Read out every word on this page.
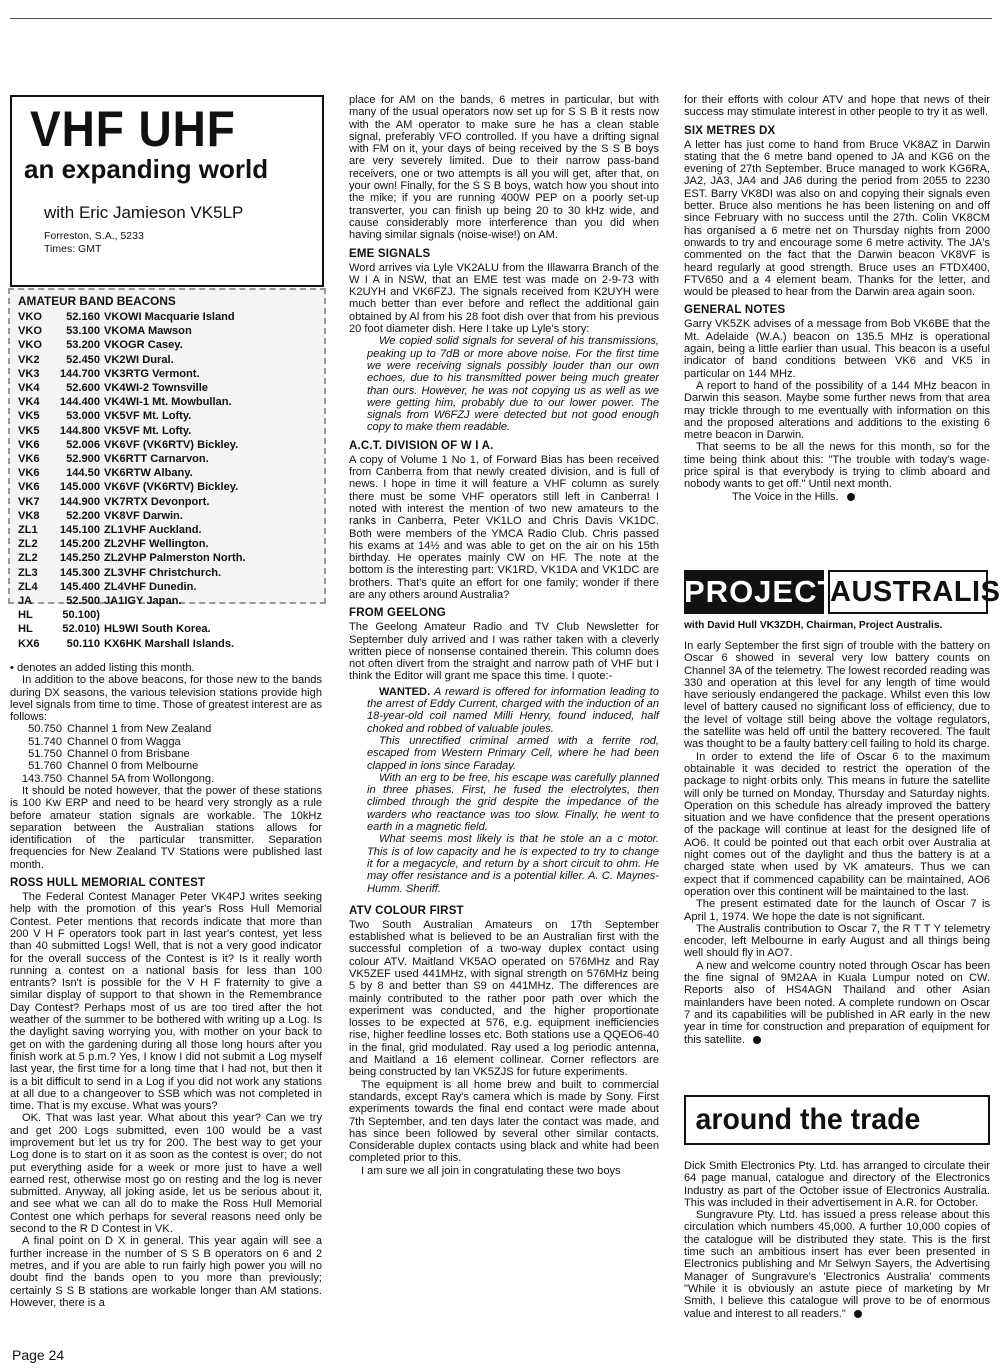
VHF UHF
an expanding world
with Eric Jamieson VK5LP
Forreston, S.A., 5233
Times: GMT
AMATEUR BAND BEACONS
VKO 52.160 VKOWI Macquarie Island
VKO 53.100 VKOMA Mawson
VKO 53.200 VKOGR Casey.
VK2 52.450 VK2WI Dural.
VK3 144.700 VK3RTG Vermont.
VK4 52.600 VK4WI-2 Townsville
VK4 144.400 VK4WI-1 Mt. Mowbullan.
VK5 53.000 VK5VF Mt. Lofty.
VK5 144.800 VK5VF Mt. Lofty.
VK6 52.006 VK6VF (VK6RTV) Bickley.
VK6 52.900 VK6RTT Carnarvon.
VK6 144.50 VK6RTW Albany.
VK6 145.000 VK6VF (VK6RTV) Bickley.
VK7 144.900 VK7RTX Devonport.
VK8 52.200 VK8VF Darwin.
ZL1 145.100 ZL1VHF Auckland.
ZL2 145.200 ZL2VHF Wellington.
ZL2 145.250 ZL2VHP Palmerston North.
ZL3 145.300 ZL3VHF Christchurch.
ZL4 145.400 ZL4VHF Dunedin.
JA	52.500 JA1IGY Japan.
HL	50.100)
HL	52.010) HL9WI South Korea.
KX6 50.110 KX6HK Marshall Islands.

• denotes an added listing this month.

In addition to the above beacons, for those new to the bands during DX seasons, the various television stations provide high level signals from time to time. Those of greatest interest are as follows:

50.750 Channel 1 from New Zealand
51.740 Channel 0 from Wagga
51.750 Channel 0 from Brisbane
51.760 Channel 0 from Melbourne
143.750 Channel 5A from Wollongong.

It should be noted however, that the power of these stations is 100 Kw ERP and need to be heard very strongly as a rule before amateur station signals are workable. The 10kHz separation between the Australian stations allows for identification of the particular transmitter. Separation frequencies for New Zealand TV Stations were published last month.

ROSS HULL MEMORIAL CONTEST

The Federal Contest Manager Peter VK4PJ writes seeking help with the promotion of this year's Ross Hull Memorial Contest. Peter mentions that records indicate that more than 200 V H F operators took part in last year's contest, yet less than 40 submitted Logs! Well, that is not a very good indicator for the overall success of the Contest is it? Is it really worth running a contest on a national basis for less than 100 entrants? Isn't is possible for the V H F fraternity to give a similar display of support to that shown in the Remembrance Day Contest? Perhaps most of us are too tired after the hot weather of the summer to be bothered with writing up a Log. Is the daylight saving worrying you, with mother on your back to get on with the gardening during all those long hours after you finish work at 5 p.m.? Yes, I know I did not submit a Log myself last year, the first time for a long time that I had not, but then it is a bit difficult to send in a Log if you did not work any stations at all due to a changeover to SSB which was not completed in time. That is my excuse. What was yours?

OK. That was last year. What about this year? Can we try and get 200 Logs submitted, even 100 would be a vast improvement but let us try for 200. The best way to get your Log done is to start on it as soon as the contest is over; do not put everything aside for a week or more just to have a well earned rest, otherwise most go on resting and the log is never submitted. Anyway, all joking aside, let us be serious about it, and see what we can all do to make the Ross Hull Memorial Contest one which perhaps for several reasons need only be second to the R D Contest in VK.

A final point on D X in general. This year again will see a further increase in the number of S S B operators on 6 and 2 metres, and if you are able to run fairly high power you will no doubt find the bands open to you more than previously; certainly S S B stations are workable longer than AM stations. However, there is a

place for AM on the bands, 6 metres in particular, but with many of the usual operators now set up for S S B it rests now with the AM operator to make sure he has a clean stable signal, preferably VFO controlled. If you have a drifting signal with FM on it, your days of being received by the S S B boys are very severely limited. Due to their narrow pass-band receivers, one or two attempts is all you will get, after that, on your own! Finally, for the S S B boys, watch how you shout into the mike; if you are running 400W PEP on a poorly set-up transverter, you can finish up being 20 to 30 kHz wide, and cause considerably more interference than you did when having similar signals (noise-wise!) on AM.

EME SIGNALS

Word arrives via Lyle VK2ALU from the Illawarra Branch of the W I A in NSW, that an EME test was made on 2-9-73 with K2UYH and VK6FZJ. The signals received from K2UYH were much better than ever before and reflect the additional gain obtained by Al from his 28 foot dish over that from his previous 20 foot diameter dish. Here I take up Lyle's story:

We copied solid signals for several of his transmissions, peaking up to 7dB or more above noise. For the first time we were receiving signals possibly louder than our own echoes, due to his transmitted power being much greater than ours. However, he was not copying us as well as we were getting him, probably due to our lower power. The signals from W6FZJ were detected but not good enough copy to make them readable.

A.C.T. DIVISION OF W I A.

A copy of Volume 1 No 1, of Forward Bias has been received from Canberra from that newly created division, and is full of news. I hope in time it will feature a VHF column as surely there must be some VHF operators still left in Canberra! I noted with interest the mention of two new amateurs to the ranks in Canberra, Peter VK1LO and Chris Davis VK1DC. Both were members of the YMCA Radio Club. Chris passed his exams at 14½ and was able to get on the air on his 15th birthday. He operates mainly CW on HF. The note at the bottom is the interesting part: VK1RD, VK1DA and VK1DC are brothers. That's quite an effort for one family; wonder if there are any others around Australia?

FROM GEELONG

The Geelong Amateur Radio and TV Club Newsletter for September duly arrived and I was rather taken with a cleverly written piece of nonsense contained therein. This column does not often divert from the straight and narrow path of VHF but I think the Editor will grant me space this time. I quote:-

WANTED. A reward is offered for information leading to the arrest of Eddy Current, charged with the induction of an 18-year-old coil named Milli Henry, found induced, half choked and robbed of valuable joules.

This unrectified criminal armed with a ferrite rod, escaped from Western Primary Cell, where he had been clapped in ions since Faraday.

With an erg to be free, his escape was carefully planned in three phases. First, he fused the electrolytes, then climbed through the grid despite the impedance of the warders who reactance was too slow. Finally, he went to earth in a magnetic field.

What seems most likely is that he stole an a c motor. This is of low capacity and he is expected to try to change it for a megacycle, and return by a short circuit to ohm. He may offer resistance and is a potential killer. A. C. Maynes-Humm. Sheriff.

ATV COLOUR FIRST

Two South Australian Amateurs on 17th September established what is believed to be an Australian first with the successful completion of a two-way duplex contact using colour ATV. Maitland VK5AO operated on 576MHz and Ray VK5ZEF used 441MHz, with signal strength on 576MHz being 5 by 8 and better than S9 on 441MHz. The differences are mainly contributed to the rather poor path over which the experiment was conducted, and the higher proportionate losses to be expected at 576, e.g. equipment inefficiencies rise, higher feedline losses etc. Both stations use a QQEO6-40 in the final, grid modulated. Ray used a log periodic antenna, and Maitland a 16 element collinear. Corner reflectors are being constructed by Ian VK5ZJS for future experiments.

The equipment is all home brew and built to commercial standards, except Ray's camera which is made by Sony. First experiments towards the final end contact were made about 7th September, and ten days later the contact was made, and has since been followed by several other similar contacts. Considerable duplex contacts using black and white had been completed prior to this.

I am sure we all join in congratulating these two boys

for their efforts with colour ATV and hope that news of their success may stimulate interest in other people to try it as well.

SIX METRES DX

A letter has just come to hand from Bruce VK8AZ in Darwin stating that the 6 metre band opened to JA and KG6 on the evening of 27th September. Bruce managed to work KG6RA, JA2, JA3, JA4 and JA6 during the period from 2055 to 2230 EST. Barry VK8DI was also on and copying their signals even better. Bruce also mentions he has been listening on and off since February with no success until the 27th. Colin VK8CM has organised a 6 metre net on Thursday nights from 2000 onwards to try and encourage some 6 metre activity. The JA's commented on the fact that the Darwin beacon VK8VF is heard regularly at good strength. Bruce uses an FTDX400, FTV650 and a 4 element beam. Thanks for the letter, and would be pleased to hear from the Darwin area again soon.

GENERAL NOTES

Garry VK5ZK advises of a message from Bob VK6BE that the Mt. Adelaide (W.A.) beacon on 135.5 MHz is operational again, being a little earlier than usual. This beacon is a useful indicator of band conditions between VK6 and VK5 in particular on 144 MHz.

A report to hand of the possibility of a 144 MHz beacon in Darwin this season. Maybe some further news from that area may trickle through to me eventually with information on this and the proposed alterations and additions to the existing 6 metre beacon in Darwin.

That seems to be all the news for this month, so for the time being think about this: "The trouble with today's wage-price spiral is that everybody is trying to climb aboard and nobody wants to get off." Until next month.

The Voice in the Hills.

PROJECT
AUSTRALIS
with David Hull VK3ZDH, Chairman, Project Australis.

In early September the first sign of trouble with the battery on Oscar 6 showed in several very low battery counts on Channel 3A of the telemetry. The lowest recorded reading was 330 and operation at this level for any length of time would have seriously endangered the package. Whilst even this low level of battery caused no significant loss of efficiency, due to the level of voltage still being above the voltage regulators, the satellite was held off until the battery recovered. The fault was thought to be a faulty battery cell failing to hold its charge.

In order to extend the life of Oscar 6 to the maximum obtainable it was decided to restrict the operation of the package to night orbits only. This means in future the satellite will only be turned on Monday, Thursday and Saturday nights. Operation on this schedule has already improved the battery situation and we have confidence that the present operations of the package will continue at least for the designed life of AO6. It could be pointed out that each orbit over Australia at night comes out of the daylight and thus the battery is at a charged state when used by VK amateurs. Thus we can expect that if commenced capability can be maintained, AO6 operation over this continent will be maintained to the last.

The present estimated date for the launch of Oscar 7 is April 1, 1974. We hope the date is not significant.

The Australis contribution to Oscar 7, the R T T Y telemetry encoder, left Melbourne in early August and all things being well should fly in AO7.

A new and welcome country noted through Oscar has been the fine signal of 9M2AA in Kuala Lumpur noted on CW. Reports also of HS4AGN Thailand and other Asian mainlanders have been noted. A complete rundown on Oscar 7 and its capabilities will be published in AR early in the new year in time for construction and preparation of equipment for this satellite.

around the trade

Dick Smith Electronics Pty. Ltd. has arranged to circulate their 64 page manual, catalogue and directory of the Electronics Industry as part of the October issue of Electronics Australia. This was included in their advertisement in A.R. for October.

Sungravure Pty. Ltd. has issued a press release about this circulation which numbers 45,000. A further 10,000 copies of the catalogue will be distributed they state. This is the first time such an ambitious insert has ever been presented in Electronics publishing and Mr Selwyn Sayers, the Advertising Manager of Sungravure's 'Electronics Australia' comments "While it is obviously an astute piece of marketing by Mr Smith, I believe this catalogue will prove to be of enormous value and interest to all readers."

Page 24
